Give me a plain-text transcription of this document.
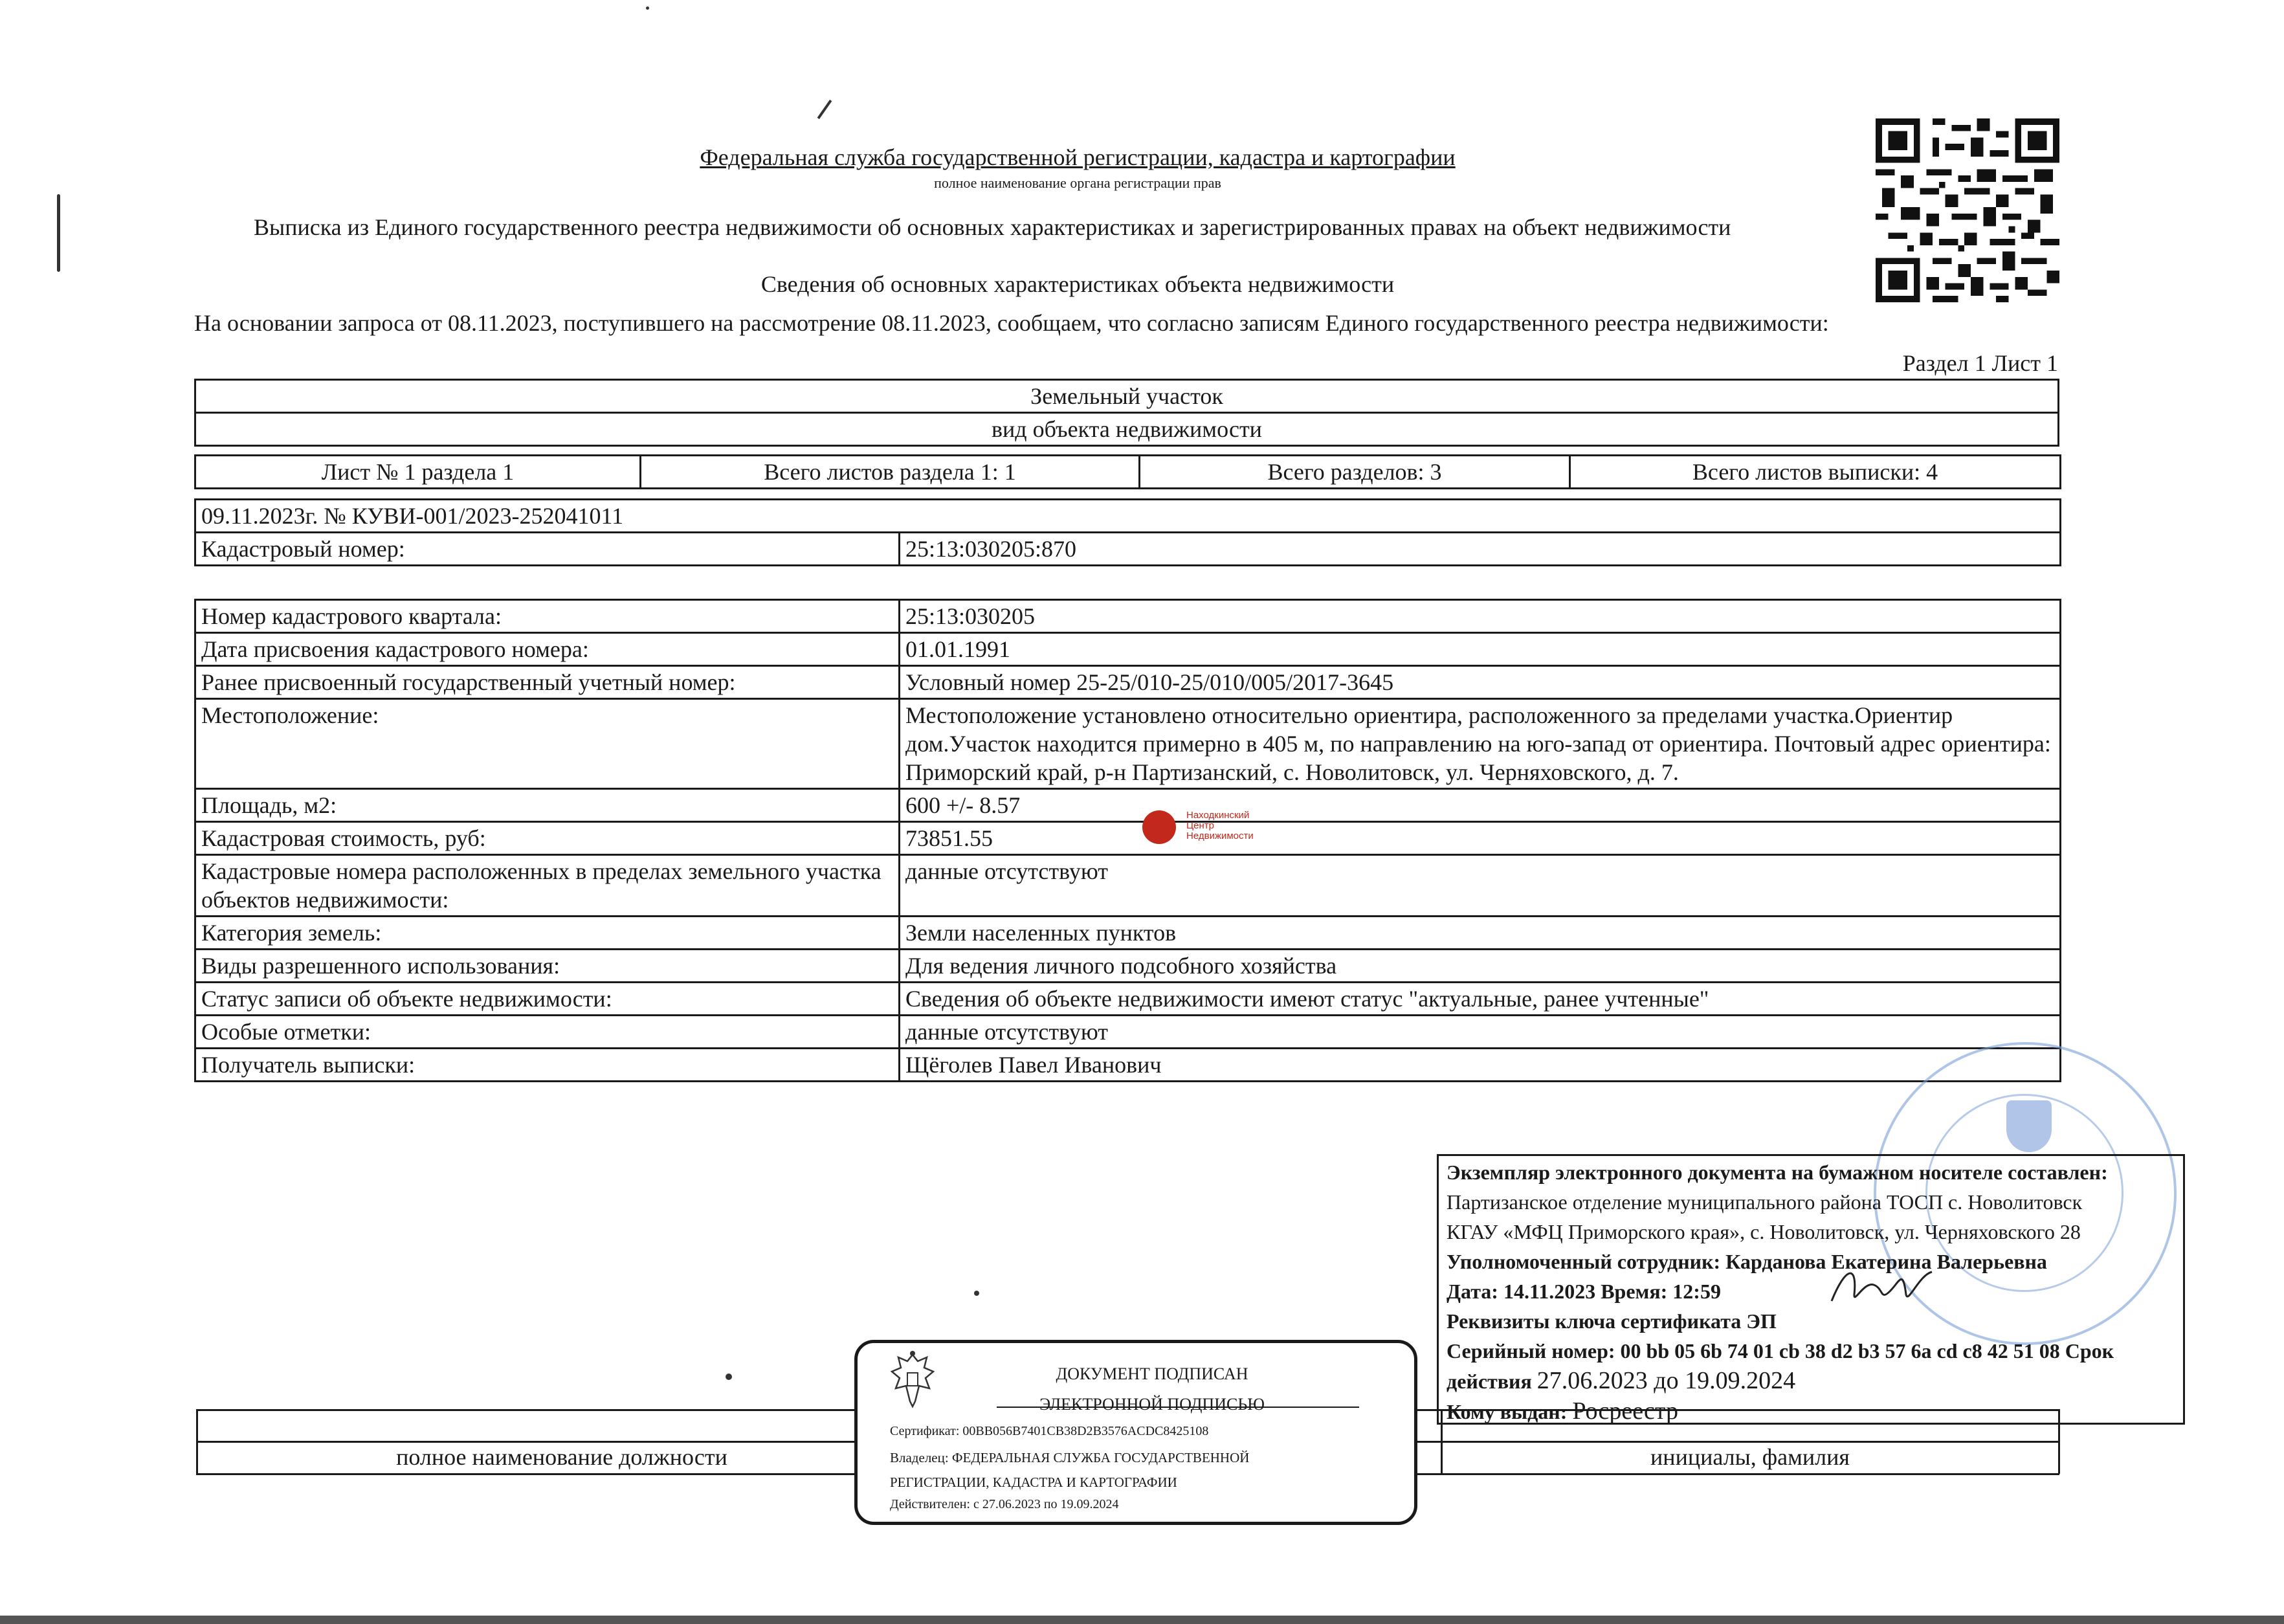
Федеральная служба государственной регистрации, кадастра и картографии
полное наименование органа регистрации прав
Выписка из Единого государственного реестра недвижимости об основных характеристиках и зарегистрированных правах на объект недвижимости
Сведения об основных характеристиках объекта недвижимости
На основании запроса от 08.11.2023, поступившего на рассмотрение 08.11.2023, сообщаем, что согласно записям Единого государственного реестра недвижимости:
Раздел 1 Лист 1
Земельный участок
вид объекта недвижимости
Лист № 1 раздела 1	Всего листов раздела 1: 1	Всего разделов: 3	Всего листов выписки: 4
09.11.2023г. № КУВИ-001/2023-252041011
Кадастровый номер:	25:13:030205:870
Номер кадастрового квартала:	25:13:030205
Дата присвоения кадастрового номера:	01.01.1991
Ранее присвоенный государственный учетный номер:	Условный номер 25-25/010-25/010/005/2017-3645
Местоположение:	Местоположение установлено относительно ориентира, расположенного за пределами участка.Ориентир дом.Участок находится примерно в 405 м, по направлению на юго-запад от ориентира. Почтовый адрес ориентира: Приморский край, р-н Партизанский, с. Новолитовск, ул. Черняховского, д. 7.
Площадь, м2:	600 +/- 8.57
Кадастровая стоимость, руб:	73851.55
Кадастровые номера расположенных в пределах земельного участка объектов недвижимости:	данные отсутствуют
Категория земель:	Земли населенных пунктов
Виды разрешенного использования:	Для ведения личного подсобного хозяйства
Статус записи об объекте недвижимости:	Сведения об объекте недвижимости имеют статус "актуальные, ранее учтенные"
Особые отметки:	данные отсутствуют
Получатель выписки:	Щёголев Павел Иванович
Находкинский
Центр
Недвижимости
Экземпляр электронного документа на бумажном носителе составлен:
Партизанское отделение муниципального района ТОСП с. Новолитовск
КГАУ «МФЦ Приморского края», с. Новолитовск, ул. Черняховского 28
Уполномоченный сотрудник: Карданова Екатерина Валерьевна
Дата: 14.11.2023 Время: 12:59
Реквизиты ключа сертификата ЭП
Серийный номер: 00 bb 05 6b 74 01 cb 38 d2 b3 57 6a cd c8 42 51 08 Срок
действия 27.06.2023 до 19.09.2024
Кому выдан: Росреестр
полное наименование должности	инициалы, фамилия
ДОКУМЕНТ ПОДПИСАН
ЭЛЕКТРОННОЙ ПОДПИСЬЮ
Сертификат: 00BB056B7401CB38D2B3576ACDC8425108
Владелец: ФЕДЕРАЛЬНАЯ СЛУЖБА ГОСУДАРСТВЕННОЙ
РЕГИСТРАЦИИ, КАДАСТРА И КАРТОГРАФИИ
Действителен: с 27.06.2023 по 19.09.2024
